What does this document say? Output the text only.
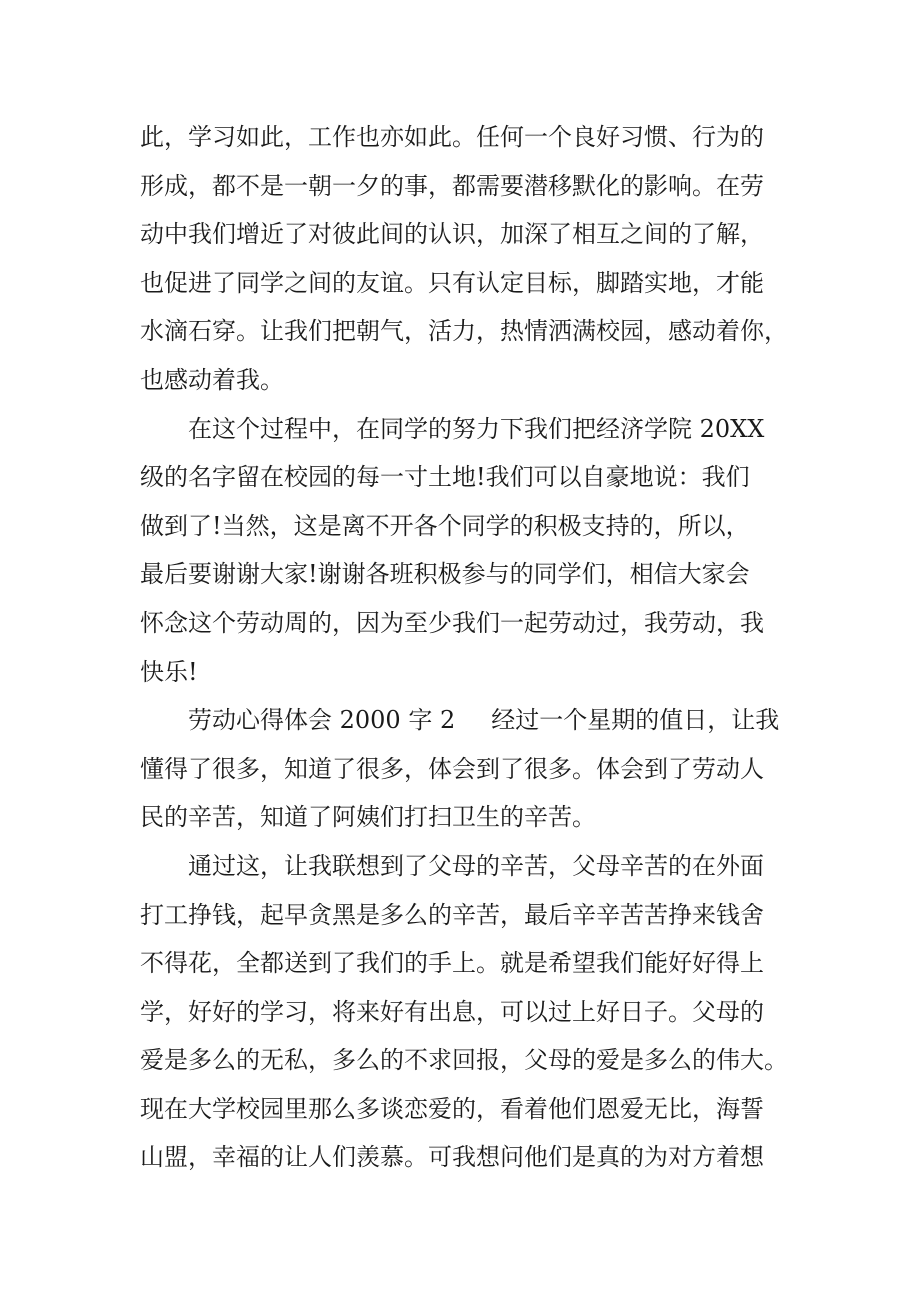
此，学习如此，工作也亦如此。任何一个良好习惯、行为的

形成，都不是一朝一夕的事，都需要潜移默化的影响。在劳

动中我们增近了对彼此间的认识，加深了相互之间的了解，

也促进了同学之间的友谊。只有认定目标，脚踏实地，才能

水滴石穿。让我们把朝气，活力，热情洒满校园，感动着你，

也感动着我。

在这个过程中，在同学的努力下我们把经济学院 20XX

级的名字留在校园的每一寸土地!我们可以自豪地说：我们

做到了!当然，这是离不开各个同学的积极支持的，所以，

最后要谢谢大家!谢谢各班积极参与的同学们，相信大家会

怀念这个劳动周的，因为至少我们一起劳动过，我劳动，我

快乐!

劳动心得体会 2000 字 2 经过一个星期的值日，让我

懂得了很多，知道了很多，体会到了很多。体会到了劳动人

民的辛苦，知道了阿姨们打扫卫生的辛苦。

通过这，让我联想到了父母的辛苦，父母辛苦的在外面

打工挣钱，起早贪黑是多么的辛苦，最后辛辛苦苦挣来钱舍

不得花，全都送到了我们的手上。就是希望我们能好好得上

学，好好的学习，将来好有出息，可以过上好日子。父母的

爱是多么的无私，多么的不求回报，父母的爱是多么的伟大。

现在大学校园里那么多谈恋爱的，看着他们恩爱无比，海誓

山盟，幸福的让人们羡慕。可我想问他们是真的为对方着想
